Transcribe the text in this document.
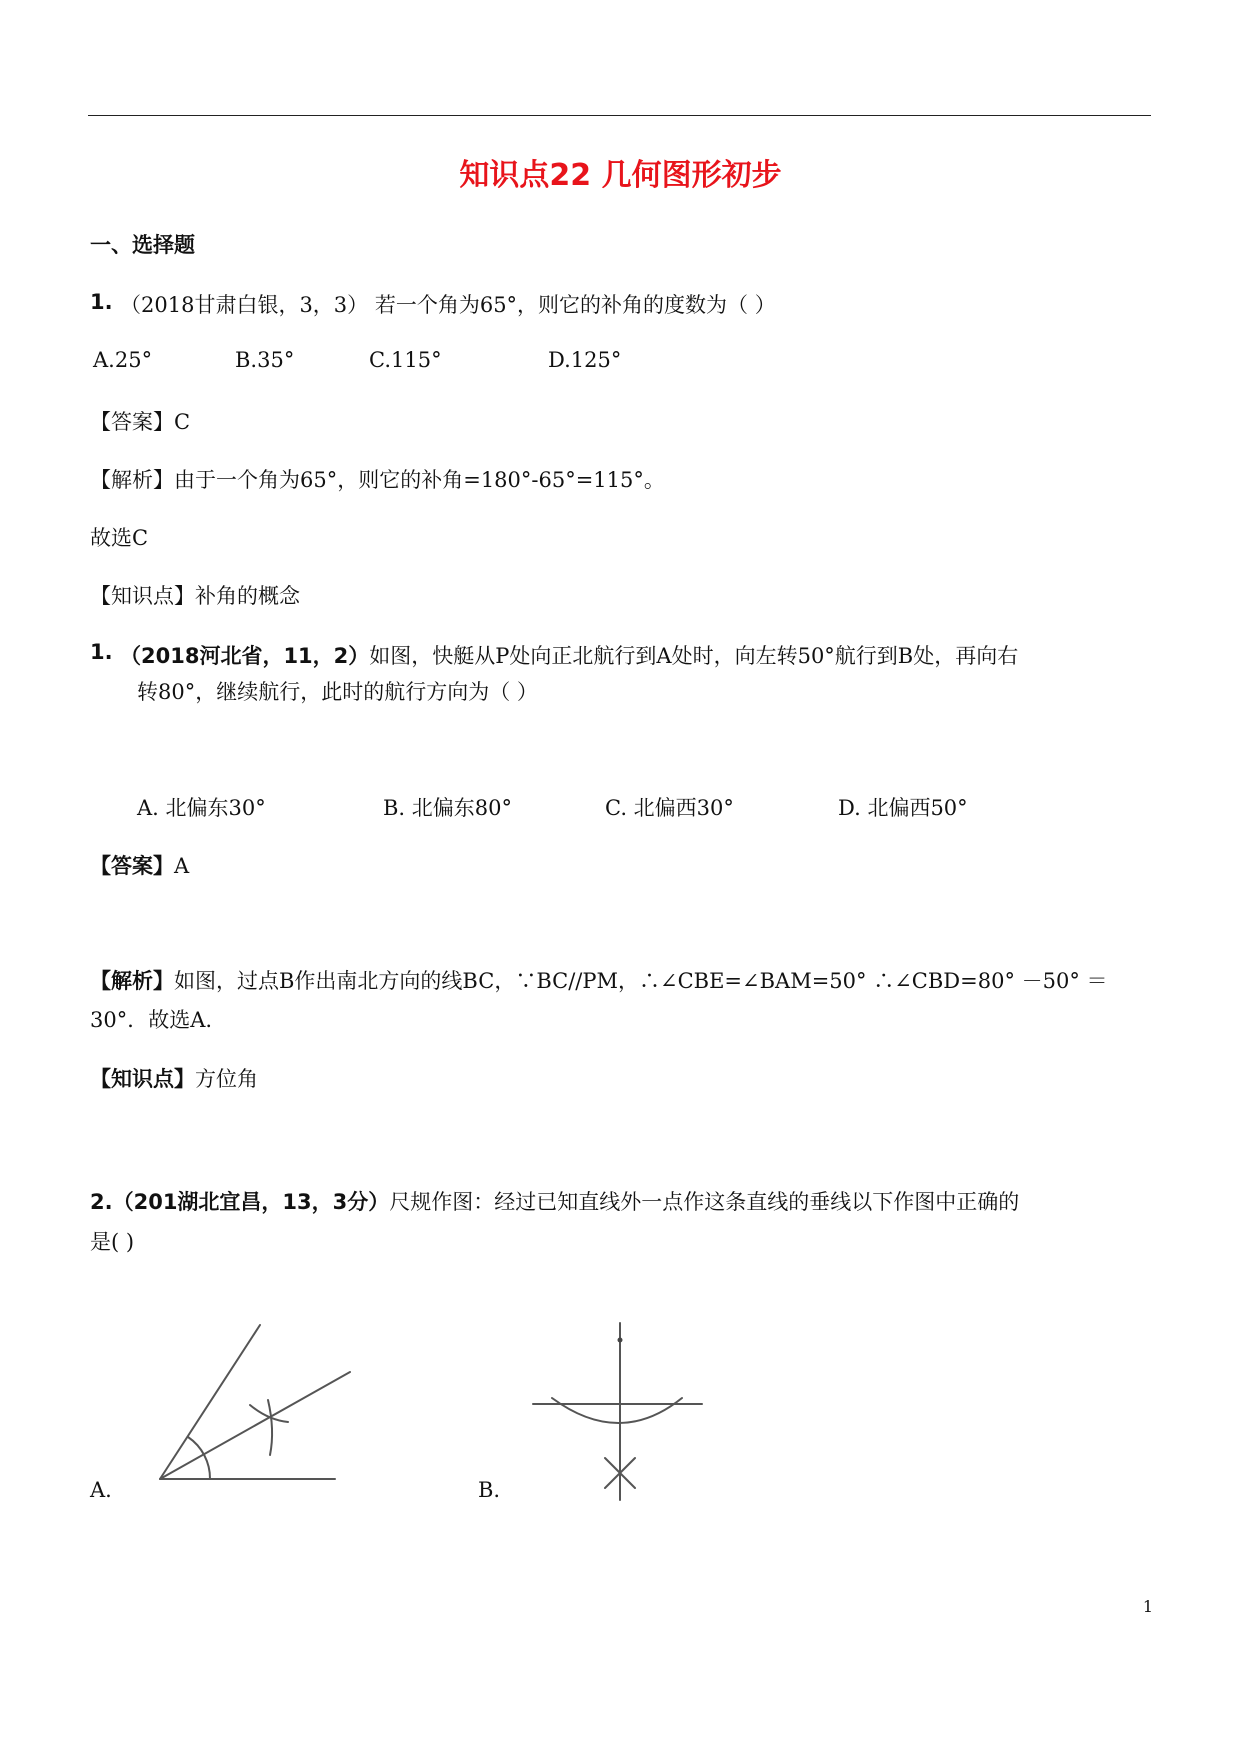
知识点22 几何图形初步
一、选择题
1. （2018甘肃白银，3，3） 若一个角为65°，则它的补角的度数为（ ）
A.25°	B.35°	C.115°	D.125°
【答案】C
【解析】由于一个角为65°，则它的补角=180°-65°=115°。
故选C
【知识点】补角的概念
1. （2018河北省，11，2）如图，快艇从P处向正北航行到A处时，向左转50°航行到B处，再向右
转80°，继续航行，此时的航行方向为（ ）
A. 北偏东30°	B. 北偏东80°	C. 北偏西30°	D. 北偏西50°
【答案】A
【解析】如图，过点B作出南北方向的线BC，∵BC//PM，∴∠CBE=∠BAM=50° ∴∠CBD=80° －50° ＝
30°．故选A.
【知识点】方位角
2.（201湖北宜昌，13，3分）尺规作图：经过已知直线外一点作这条直线的垂线以下作图中正确的
是( )
A.	B.
1
